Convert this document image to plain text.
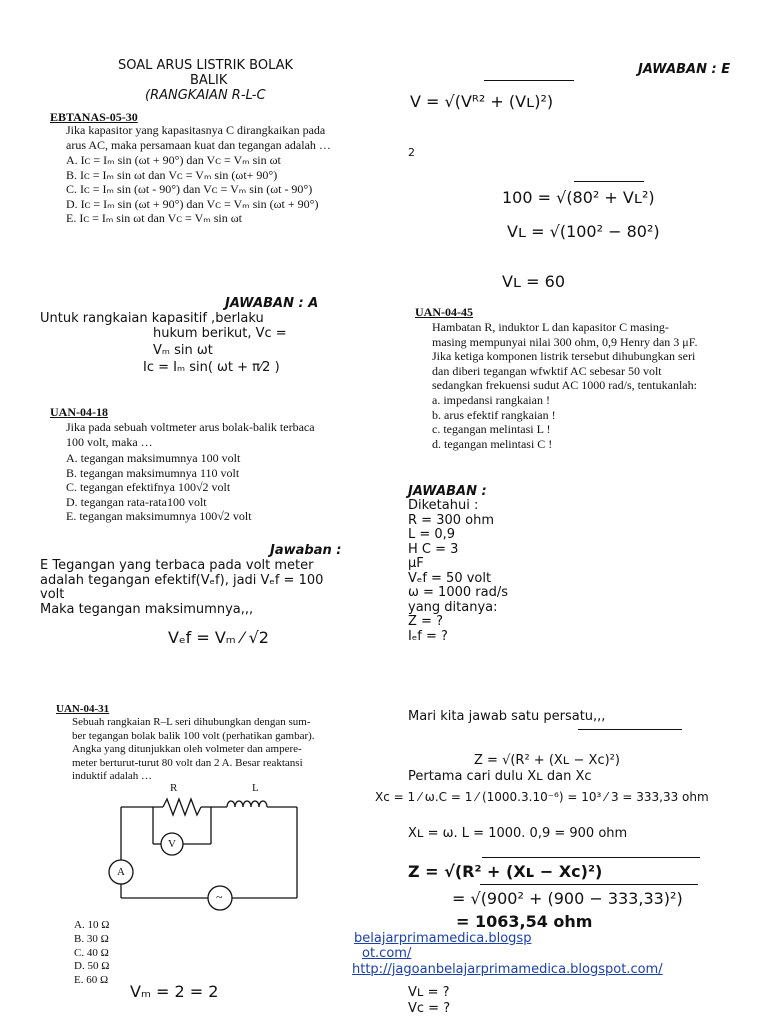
SOAL ARUS LISTRIK BOLAK
BALIK
(RANGKAIAN R-L-C
EBTANAS-05-30
Jika kapasitor yang kapasitasnya C dirangkaikan pada
arus AC, maka persamaan kuat dan tegangan adalah …
A. Iᴄ = Iₘ sin (ωt + 90°) dan Vᴄ = Vₘ sin ωt
B. Iᴄ = Iₘ sin ωt dan Vᴄ = Vₘ sin (ωt+ 90°)
C. Iᴄ = Iₘ sin (ωt - 90°) dan Vᴄ = Vₘ sin (ωt - 90°)
D. Iᴄ = Iₘ sin (ωt + 90°) dan Vᴄ = Vₘ sin (ωt + 90°)
E. Iᴄ = Iₘ sin ωt dan Vᴄ = Vₘ sin ωt
JAWABAN : A
Untuk rangkaian kapasitif ,berlaku
hukum berikut, Vᴄ =
Vₘ sin ωt
Iᴄ = Iₘ sin( ωt + π⁄2 )
UAN-04-18
Jika pada sebuah voltmeter arus bolak-balik terbaca
100 volt, maka …
A. tegangan maksimumnya 100 volt
B. tegangan maksimumnya 110 volt
C. tegangan efektifnya 100√2 volt
D. tegangan rata-rata100 volt
E. tegangan maksimumnya 100√2 volt
Jawaban :
E Tegangan yang terbaca pada volt meter
adalah tegangan efektif(Vₑf), jadi Vₑf = 100
volt
Maka tegangan maksimumnya,,,
Vₑf = Vₘ ⁄ √2
UAN-04-31
Sebuah rangkaian R–L seri dihubungkan dengan sum-
ber tegangan bolak balik 100 volt (perhatikan gambar).
Angka yang ditunjukkan oleh volmeter dan ampere-
meter berturut-turut 80 volt dan 2 A. Besar reaktansi
induktif adalah …
R	L
V
A
~
A. 10 Ω
B. 30 Ω
C. 40 Ω
D. 50 Ω
E. 60 Ω
Vₘ = 2 = 2
JAWABAN : E
V = √(Vᴿ² + (Vʟ)²)
2
100 = √(80² + Vʟ²)
Vʟ = √(100² − 80²)
Vʟ = 60
UAN-04-45
Hambatan R, induktor L dan kapasitor C masing-
masing mempunyai nilai 300 ohm, 0,9 Henry dan 3 μF.
Jika ketiga komponen listrik tersebut dihubungkan seri
dan diberi tegangan wfwktif AC sebesar 50 volt
sedangkan frekuensi sudut AC 1000 rad/s, tentukanlah:
a. impedansi rangkaian !
b. arus efektif rangkaian !
c. tegangan melintasi L !
d. tegangan melintasi C !
JAWABAN :
Diketahui :
R = 300 ohm
L = 0,9
H C = 3
μF
Vₑf = 50 volt
ω = 1000 rad/s
yang ditanya:
Z = ?
Iₑf = ?
Mari kita jawab satu persatu,,,
Z = √(R² + (Xʟ − Xᴄ)²)
Pertama cari dulu Xʟ dan Xᴄ
Xᴄ = 1 ⁄ ω.C = 1 ⁄ (1000.3.10⁻⁶) = 10³ ⁄ 3 = 333,33 ohm
Xʟ = ω. L = 1000. 0,9 = 900 ohm
Z = √(R² + (Xʟ − Xᴄ)²)
= √(900² + (900 − 333,33)²)
= 1063,54 ohm
belajarprimamedica.blogsp
ot.com/
http://jagoanbelajarprimamedica.blogspot.com/
Vʟ = ?
Vᴄ = ?
